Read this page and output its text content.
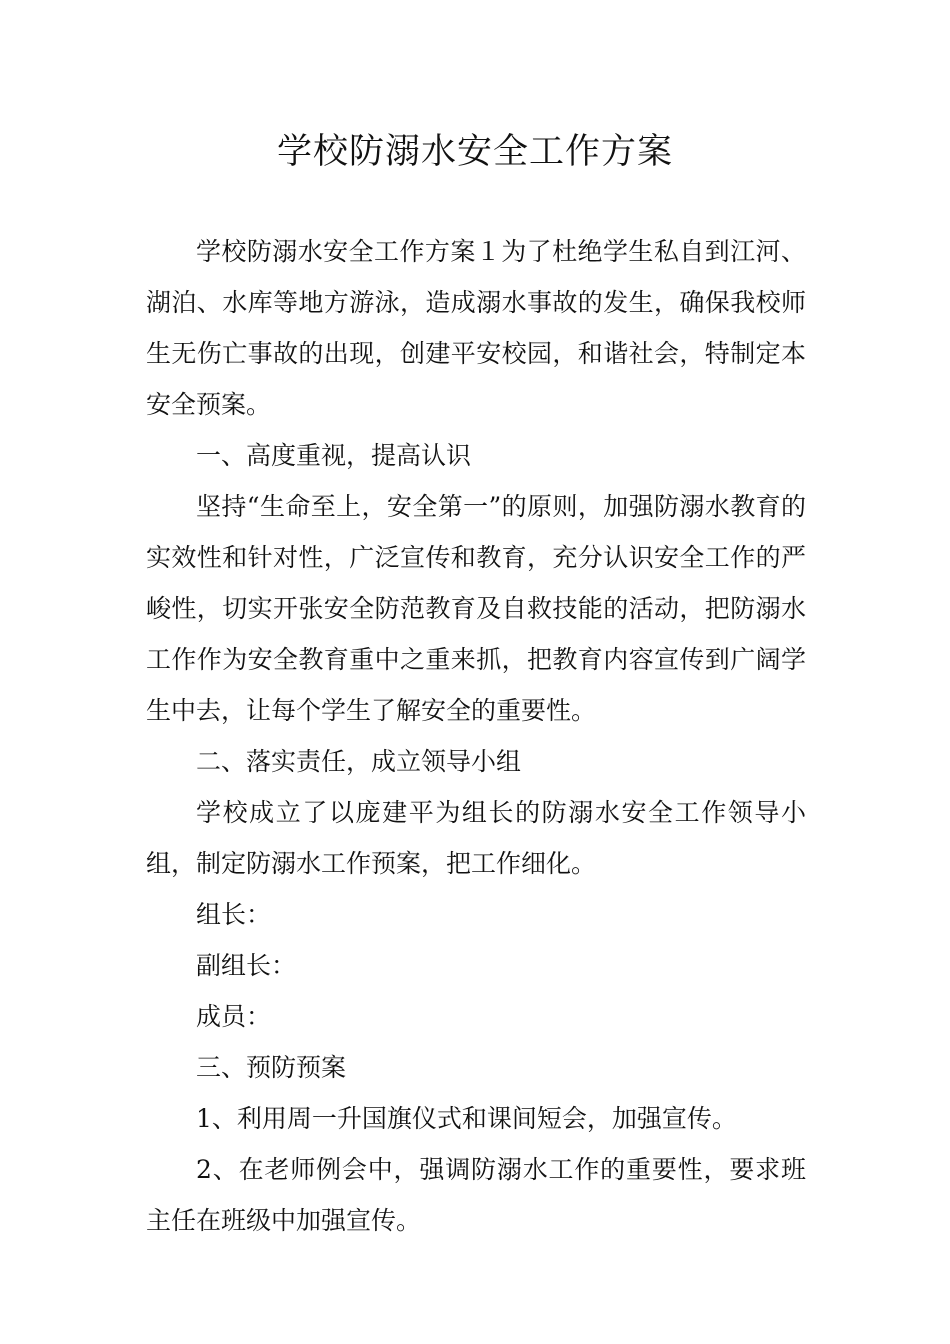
学校防溺水安全工作方案

学校防溺水安全工作方案１为了杜绝学生私自到江河、湖泊、水库等地方游泳，造成溺水事故的发生，确保我校师生无伤亡事故的出现，创建平安校园，和谐社会，特制定本安全预案。

一、高度重视，提高认识

坚持“生命至上，安全第一”的原则，加强防溺水教育的实效性和针对性，广泛宣传和教育，充分认识安全工作的严峻性，切实开张安全防范教育及自救技能的活动，把防溺水工作作为安全教育重中之重来抓，把教育内容宣传到广阔学生中去，让每个学生了解安全的重要性。

二、落实责任，成立领导小组

学校成立了以庞建平为组长的防溺水安全工作领导小组，制定防溺水工作预案，把工作细化。

组长：

副组长：

成员：

三、预防预案

1、利用周一升国旗仪式和课间短会，加强宣传。

2、在老师例会中，强调防溺水工作的重要性，要求班主任在班级中加强宣传。
